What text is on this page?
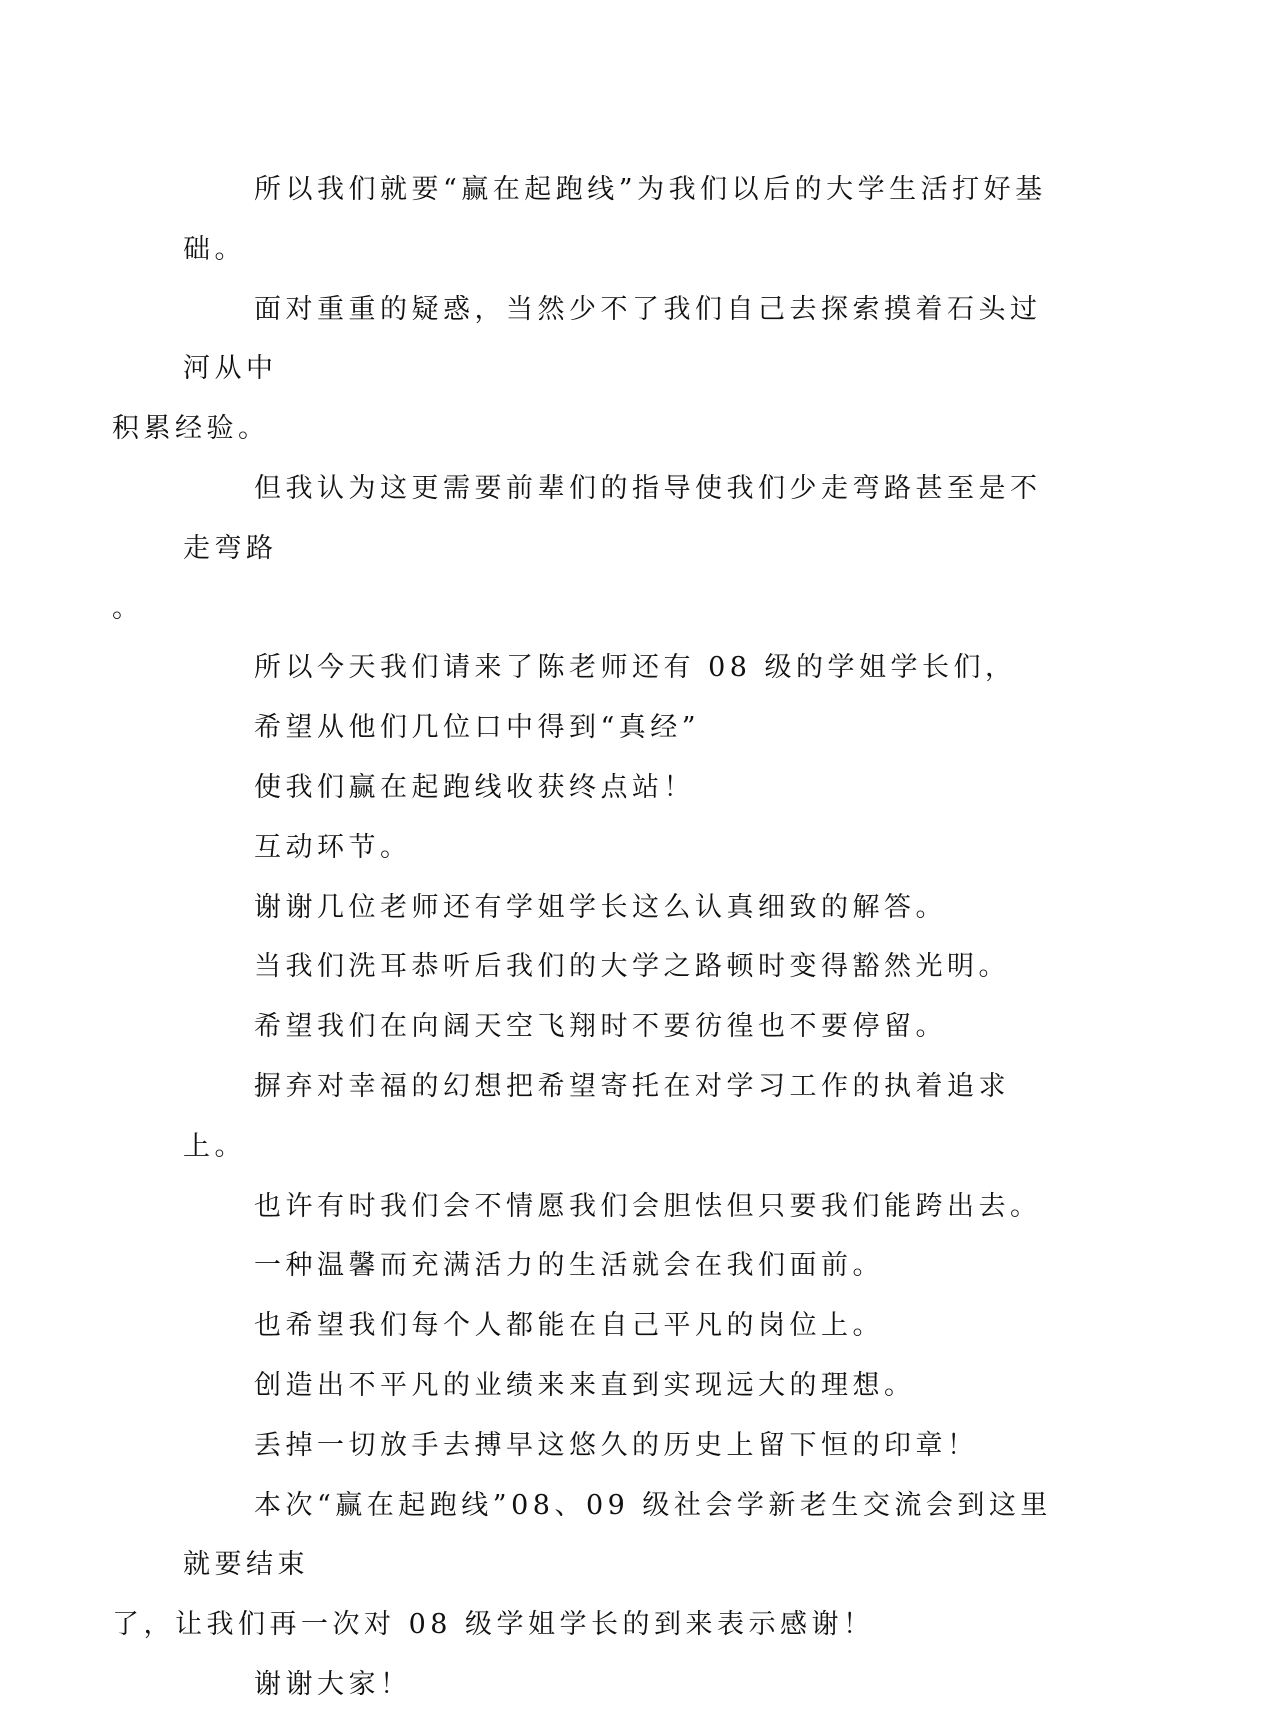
所以我们就要“赢在起跑线”为我们以后的大学生活打好基础。

面对重重的疑惑，当然少不了我们自己去探索摸着石头过河从中
积累经验。

但我认为这更需要前辈们的指导使我们少走弯路甚至是不走弯路
。

所以今天我们请来了陈老师还有 08 级的学姐学长们，

希望从他们几位口中得到“真经”

使我们赢在起跑线收获终点站！

互动环节。

谢谢几位老师还有学姐学长这么认真细致的解答。

当我们洗耳恭听后我们的大学之路顿时变得豁然光明。

希望我们在向阔天空飞翔时不要彷徨也不要停留。

摒弃对幸福的幻想把希望寄托在对学习工作的执着追求上。

也许有时我们会不情愿我们会胆怯但只要我们能跨出去。

一种温馨而充满活力的生活就会在我们面前。

也希望我们每个人都能在自己平凡的岗位上。

创造出不平凡的业绩来来直到实现远大的理想。

丢掉一切放手去搏早这悠久的历史上留下恒的印章！

本次“赢在起跑线”08、09 级社会学新老生交流会到这里就要结束
了，让我们再一次对 08 级学姐学长的到来表示感谢！

谢谢大家！
